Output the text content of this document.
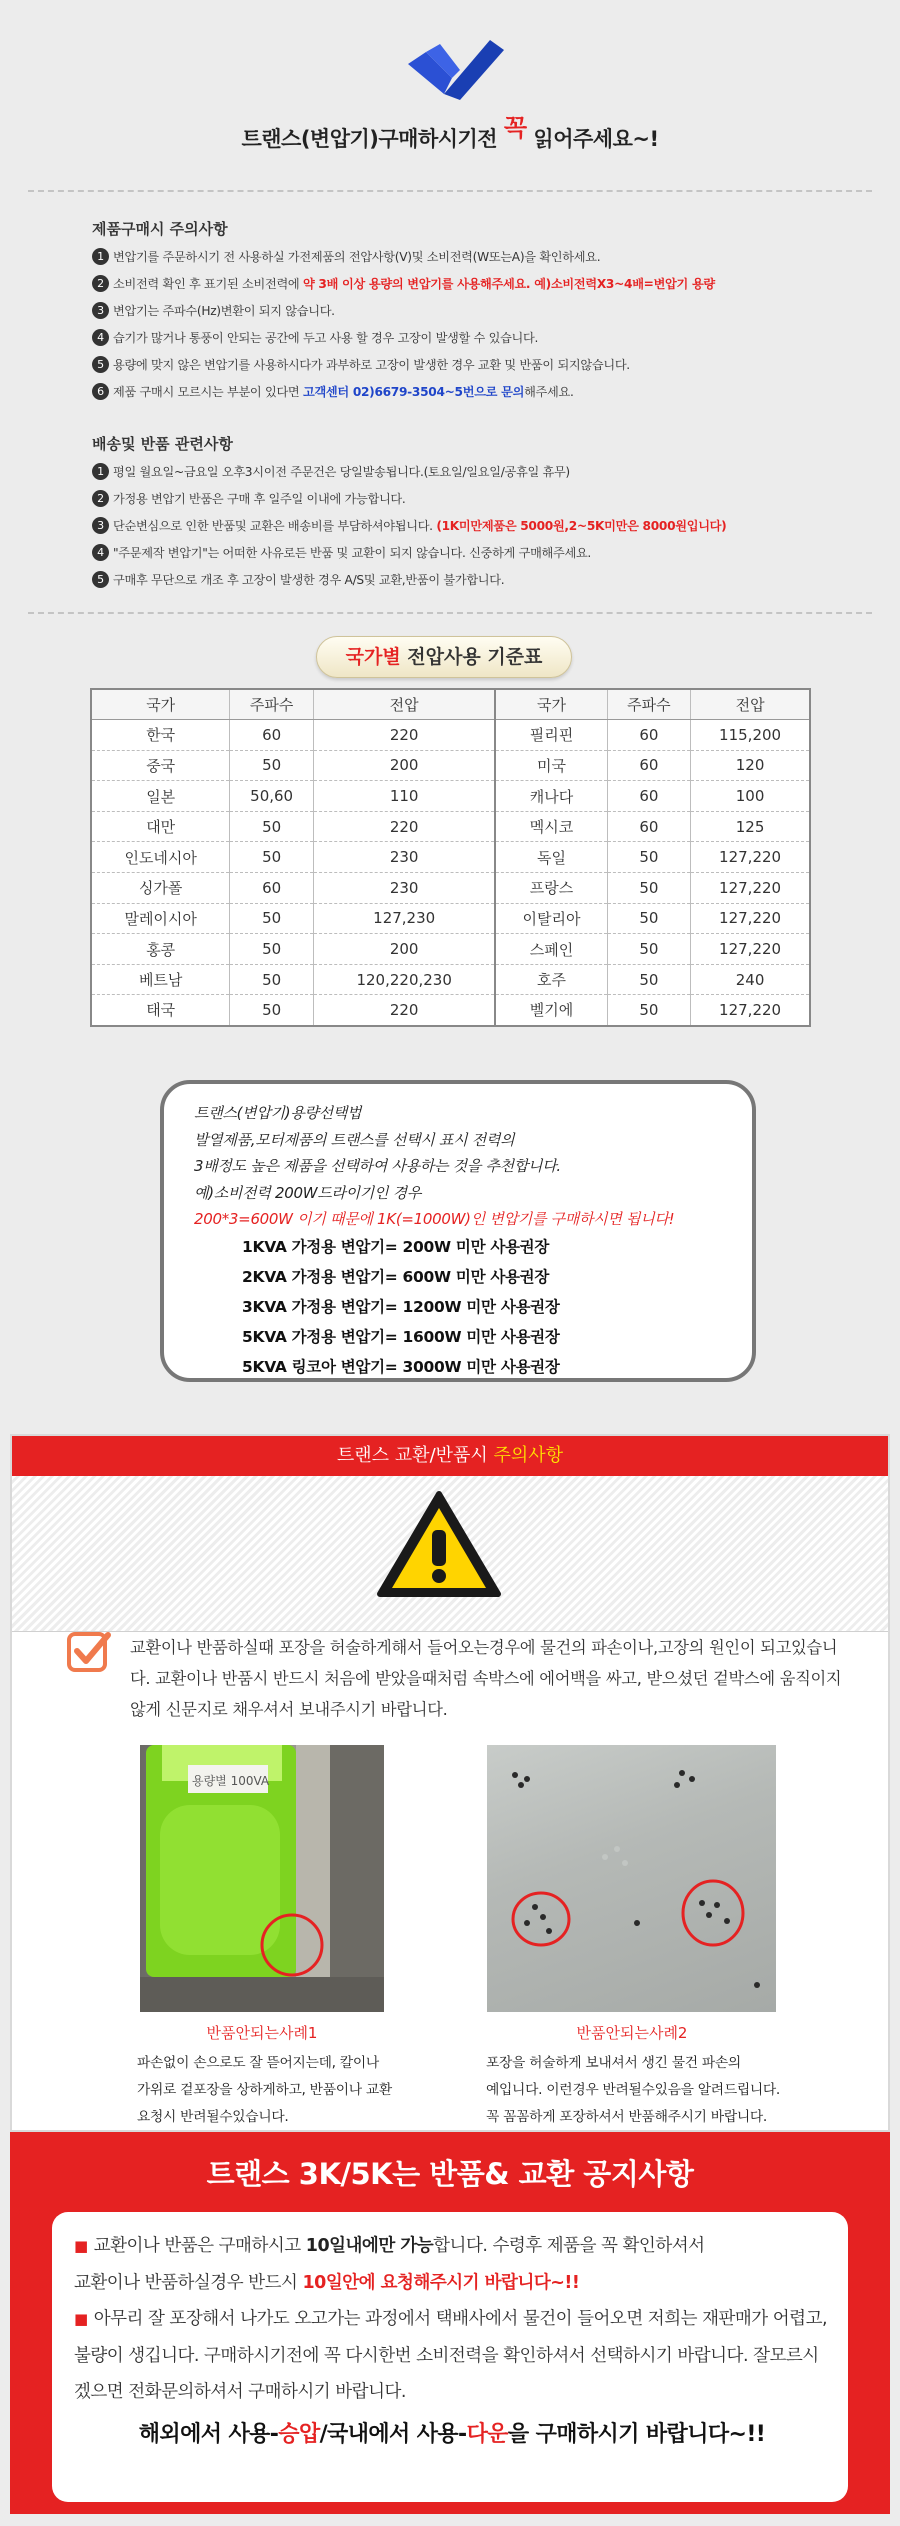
트랜스(변압기)구매하시기전 꼭 읽어주세요~!
제품구매시 주의사항
1 변압기를 주문하시기 전 사용하실 가전제품의 전압사항(V)및 소비전력(W또는A)을 확인하세요.
2 소비전력 확인 후 표기된 소비전력에 약 3배 이상 용량의 변압기를 사용해주세요. 예)소비전력X3~4배=변압기 용량
3 변압기는 주파수(Hz)변환이 되지 않습니다.
4 습기가 많거나 통풍이 안되는 공간에 두고 사용 할 경우 고장이 발생할 수 있습니다.
5 용량에 맞지 않은 변압기를 사용하시다가 과부하로 고장이 발생한 경우 교환 및 반품이 되지않습니다.
6 제품 구매시 모르시는 부분이 있다면 고객센터 02)6679-3504~5번으로 문의해주세요.
배송및 반품 관련사항
1 평일 월요일~금요일 오후3시이전 주문건은 당일발송됩니다.(토요일/일요일/공휴일 휴무)
2 가정용 변압기 반품은 구매 후 일주일 이내에 가능합니다.
3 단순변심으로 인한 반품및 교환은 배송비를 부담하셔야됩니다. (1K미만제품은 5000원,2~5K미만은 8000원입니다)
4 "주문제작 변압기"는 어떠한 사유로든 반품 및 교환이 되지 않습니다. 신중하게 구매해주세요.
5 구매후 무단으로 개조 후 고장이 발생한 경우 A/S및 교환,반품이 불가합니다.
국가별 전압사용 기준표
국가	주파수	전압	국가	주파수	전압
한국	60	220	필리핀	60	115,200
중국	50	200	미국	60	120
일본	50,60	110	캐나다	60	100
대만	50	220	멕시코	60	125
인도네시아	50	230	독일	50	127,220
싱가폴	60	230	프랑스	50	127,220
말레이시아	50	127,230	이탈리아	50	127,220
홍콩	50	200	스페인	50	127,220
베트남	50	120,220,230	호주	50	240
태국	50	220	벨기에	50	127,220
트랜스(변압기)용량선택법
발열제품,모터제품의 트랜스를 선택시 표시 전력의
3배정도 높은 제품을 선택하여 사용하는 것을 추천합니다.
예)소비전력 200W드라이기인 경우
200*3=600W 이기 때문에 1K(=1000W)인 변압기를 구매하시면 됩니다!
1KVA 가정용 변압기= 200W 미만 사용권장
2KVA 가정용 변압기= 600W 미만 사용권장
3KVA 가정용 변압기= 1200W 미만 사용권장
5KVA 가정용 변압기= 1600W 미만 사용권장
5KVA 링코아 변압기= 3000W 미만 사용권장
트랜스 교환/반품시 주의사항
교환이나 반품하실때 포장을 허술하게해서 들어오는경우에 물건의 파손이나,고장의 원인이 되고있습니다. 교환이나 반품시 반드시 처음에 받았을때처럼 속박스에 에어백을 싸고, 받으셨던 겉박스에 움직이지않게 신문지로 채우셔서 보내주시기 바랍니다.
용량별 100VA
반품안되는사례1	반품안되는사례2
파손없이 손으로도 잘 뜯어지는데, 칼이나
가위로 겉포장을 상하게하고, 반품이나 교환
요청시 반려될수있습니다.
포장을 허술하게 보내셔서 생긴 물건 파손의
예입니다. 이런경우 반려될수있음을 알려드립니다.
꼭 꼼꼼하게 포장하셔서 반품해주시기 바랍니다.
트랜스 3K/5K는 반품& 교환 공지사항
■ 교환이나 반품은 구매하시고 10일내에만 가능합니다. 수령후 제품을 꼭 확인하셔서
교환이나 반품하실경우 반드시 10일안에 요청해주시기 바랍니다~!!
■ 아무리 잘 포장해서 나가도 오고가는 과정에서 택배사에서 물건이 들어오면 저희는 재판매가 어렵고, 불량이 생깁니다. 구매하시기전에 꼭 다시한번 소비전력을 확인하셔서 선택하시기 바랍니다. 잘모르시겠으면 전화문의하셔서 구매하시기 바랍니다.
해외에서 사용-승압/국내에서 사용-다운을 구매하시기 바랍니다~!!
